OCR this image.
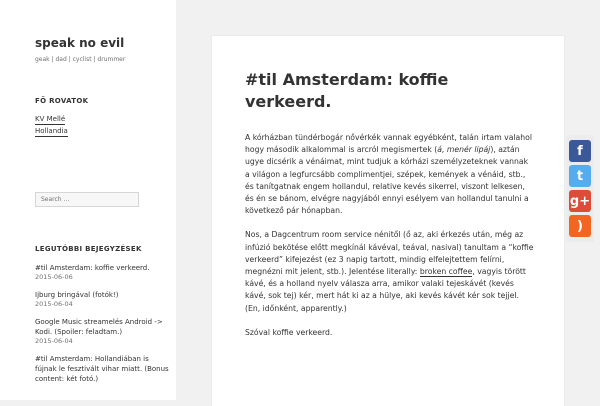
speak no evil
geak | dad | cyclist | drummer
FŐ ROVATOK
KV Mellé
Hollandia
Search ...
LEGUTÓBBI BEJEGYZÉSEK
#til Amsterdam: koffie verkeerd.
2015-06-06
Ijburg bringával (fotók!)
2015-06-04
Google Music streamelés Android -> Kodi. (Spoiler: feladtam.)
2015-06-04
#til Amsterdam: Hollandiában is fújnak le fesztivált vihar miatt. (Bonus content: két fotó.)
#til Amsterdam: koffie verkeerd.

A kórházban tündérbogár nővérkék vannak egyébként, talán irtam valahol hogy második alkalommal is arcról megismertek (á, menér lipáj), aztán ugye dicsérik a vénáimat, mint tudjuk a kórházi személyzeteknek vannak a világon a legfurcsább complimentjei, szépek, kemények a vénáid, stb., és tanítgatnak engem hollandul, relative kevés sikerrel, viszont lelkesen, és én se bánom, elvégre nagyjából ennyi esélyem van hollandul tanulni a következő pár hónapban.

Nos, a Dagcentrum room service nénitől (ő az, aki érkezés után, még az infúzió bekötése előtt megkínál kávéval, teával, nasival) tanultam a “koffie verkeerd” kifejezést (ez 3 napig tartott, mindig elfelejtettem felírni, megnézni mit jelent, stb.). Jelentése literally: broken coffee, vagyis törött kávé, és a holland nyelv válasza arra, amikor valaki tejeskávét (kevés kávé, sok tej) kér, mert hát ki az a hülye, aki kevés kávét kér sok tejjel. (En, időnként, apparently.)

Szóval koffie verkeerd.

f
t
g+
)
